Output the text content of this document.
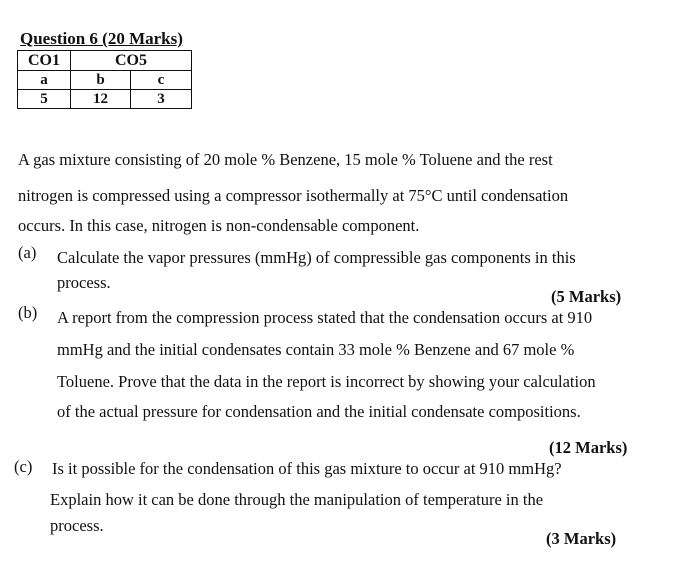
Question 6 (20 Marks)
CO1	CO5	
a	b	c
5	12	3
A gas mixture consisting of 20 mole % Benzene, 15 mole % Toluene and the rest
nitrogen is compressed using a compressor isothermally at 75°C until condensation
occurs. In this case, nitrogen is non-condensable component.
(a) Calculate the vapor pressures (mmHg) of compressible gas components in this
process.
(5 Marks)
(b) A report from the compression process stated that the condensation occurs at 910
mmHg and the initial condensates contain 33 mole % Benzene and 67 mole %
Toluene. Prove that the data in the report is incorrect by showing your calculation
of the actual pressure for condensation and the initial condensate compositions.
(12 Marks)
(c) Is it possible for the condensation of this gas mixture to occur at 910 mmHg?
Explain how it can be done through the manipulation of temperature in the
process.
(3 Marks)
